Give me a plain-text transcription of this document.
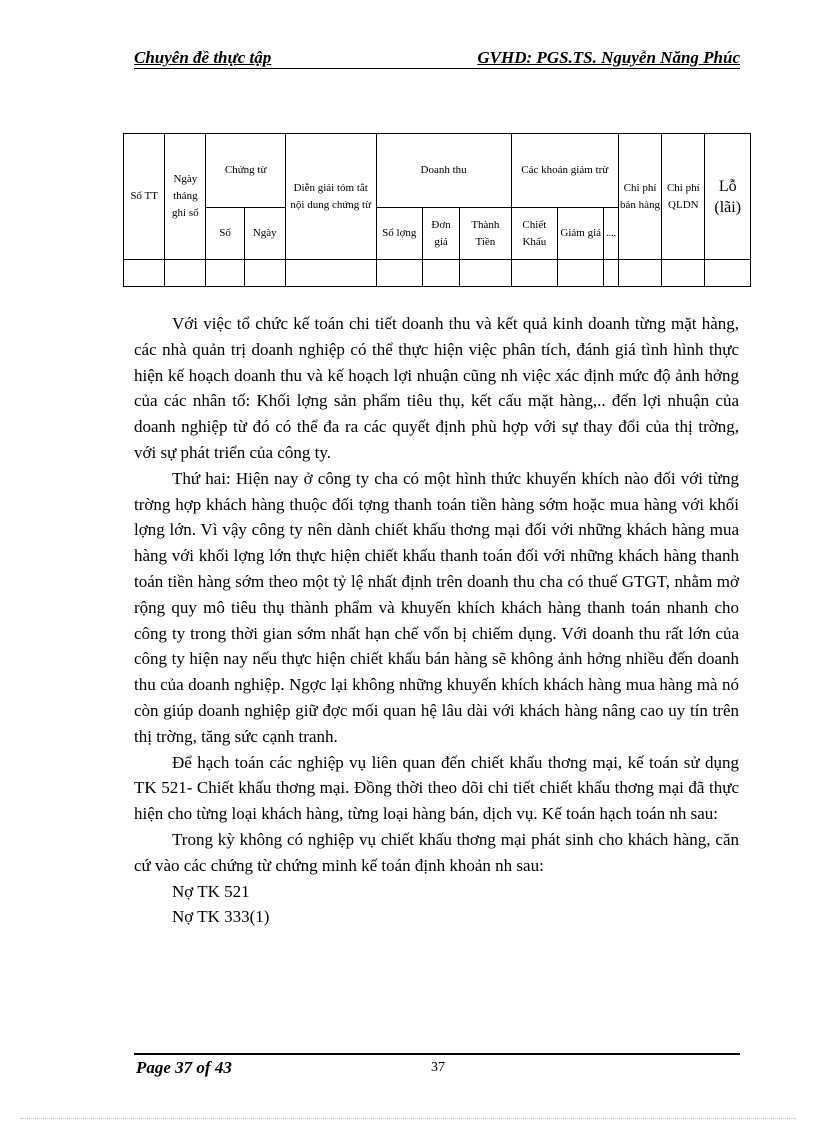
Chuyên đề thực tập	GVHD: PGS.TS. Nguyễn Năng Phúc
Số TT	Ngày tháng ghi sổ	Chứng từ		Diễn giải tóm tắt nội dung chứng từ	Doanh thu			Các khoản giảm trừ			Chi phí bán hàng	Chi phí QLDN	Lỗ (lãi)
		Số	Ngày		Số lợng	Đơn giá	Thành Tiền	Chiết Khấu	Giảm giá	....			

Với việc tổ chức kế toán chi tiết doanh thu và kết quả kinh doanh từng mặt hàng, các nhà quản trị doanh nghiệp có thể thực hiện việc phân tích, đánh giá tình hình thực hiện kế hoạch doanh thu và kế hoạch lợi nhuận cũng nh việc xác định mức độ ảnh hởng của các nhân tố: Khối lợng sản phẩm tiêu thụ, kết cấu mặt hàng,.. đến lợi nhuận của doanh nghiệp từ đó có thể đa ra các quyết định phù hợp với sự thay đổi của thị trờng, với sự phát triển của công ty.

Thứ hai: Hiện nay ở công ty cha có một hình thức khuyến khích nào đối với từng trờng hợp khách hàng thuộc đối tợng thanh toán tiền hàng sớm hoặc mua hàng với khối lợng lớn. Vì vậy công ty nên dành chiết khấu thơng mại đối với những khách hàng mua hàng với khối lợng lớn thực hiện chiết khấu thanh toán đối với những khách hàng thanh toán tiền hàng sớm theo một tỷ lệ nhất định trên doanh thu cha có thuế GTGT, nhằm mở rộng quy mô tiêu thụ thành phẩm và khuyến khích khách hàng thanh toán nhanh cho công ty trong thời gian sớm nhất hạn chế vốn bị chiếm dụng. Với doanh thu rất lớn của công ty hiện nay nếu thực hiện chiết khấu bán hàng sẽ không ảnh hởng nhiều đến doanh thu của doanh nghiệp. Ngợc lại không những khuyến khích khách hàng mua hàng mà nó còn giúp doanh nghiệp giữ đợc mối quan hệ lâu dài với khách hàng nâng cao uy tín trên thị trờng, tăng sức cạnh tranh.

Để hạch toán các nghiệp vụ liên quan đến chiết khấu thơng mại, kế toán sử dụng TK 521- Chiết khấu thơng mại. Đồng thời theo dõi chi tiết chiết khấu thơng mại đã thực hiện cho từng loại khách hàng, từng loại hàng bán, dịch vụ. Kế toán hạch toán nh sau:

Trong kỳ không có nghiệp vụ chiết khấu thơng mại phát sinh cho khách hàng, căn cứ vào các chứng từ chứng minh kế toán định khoản nh sau:

Nợ TK 521

Nợ TK 333(1)

Page 37 of 43	37
